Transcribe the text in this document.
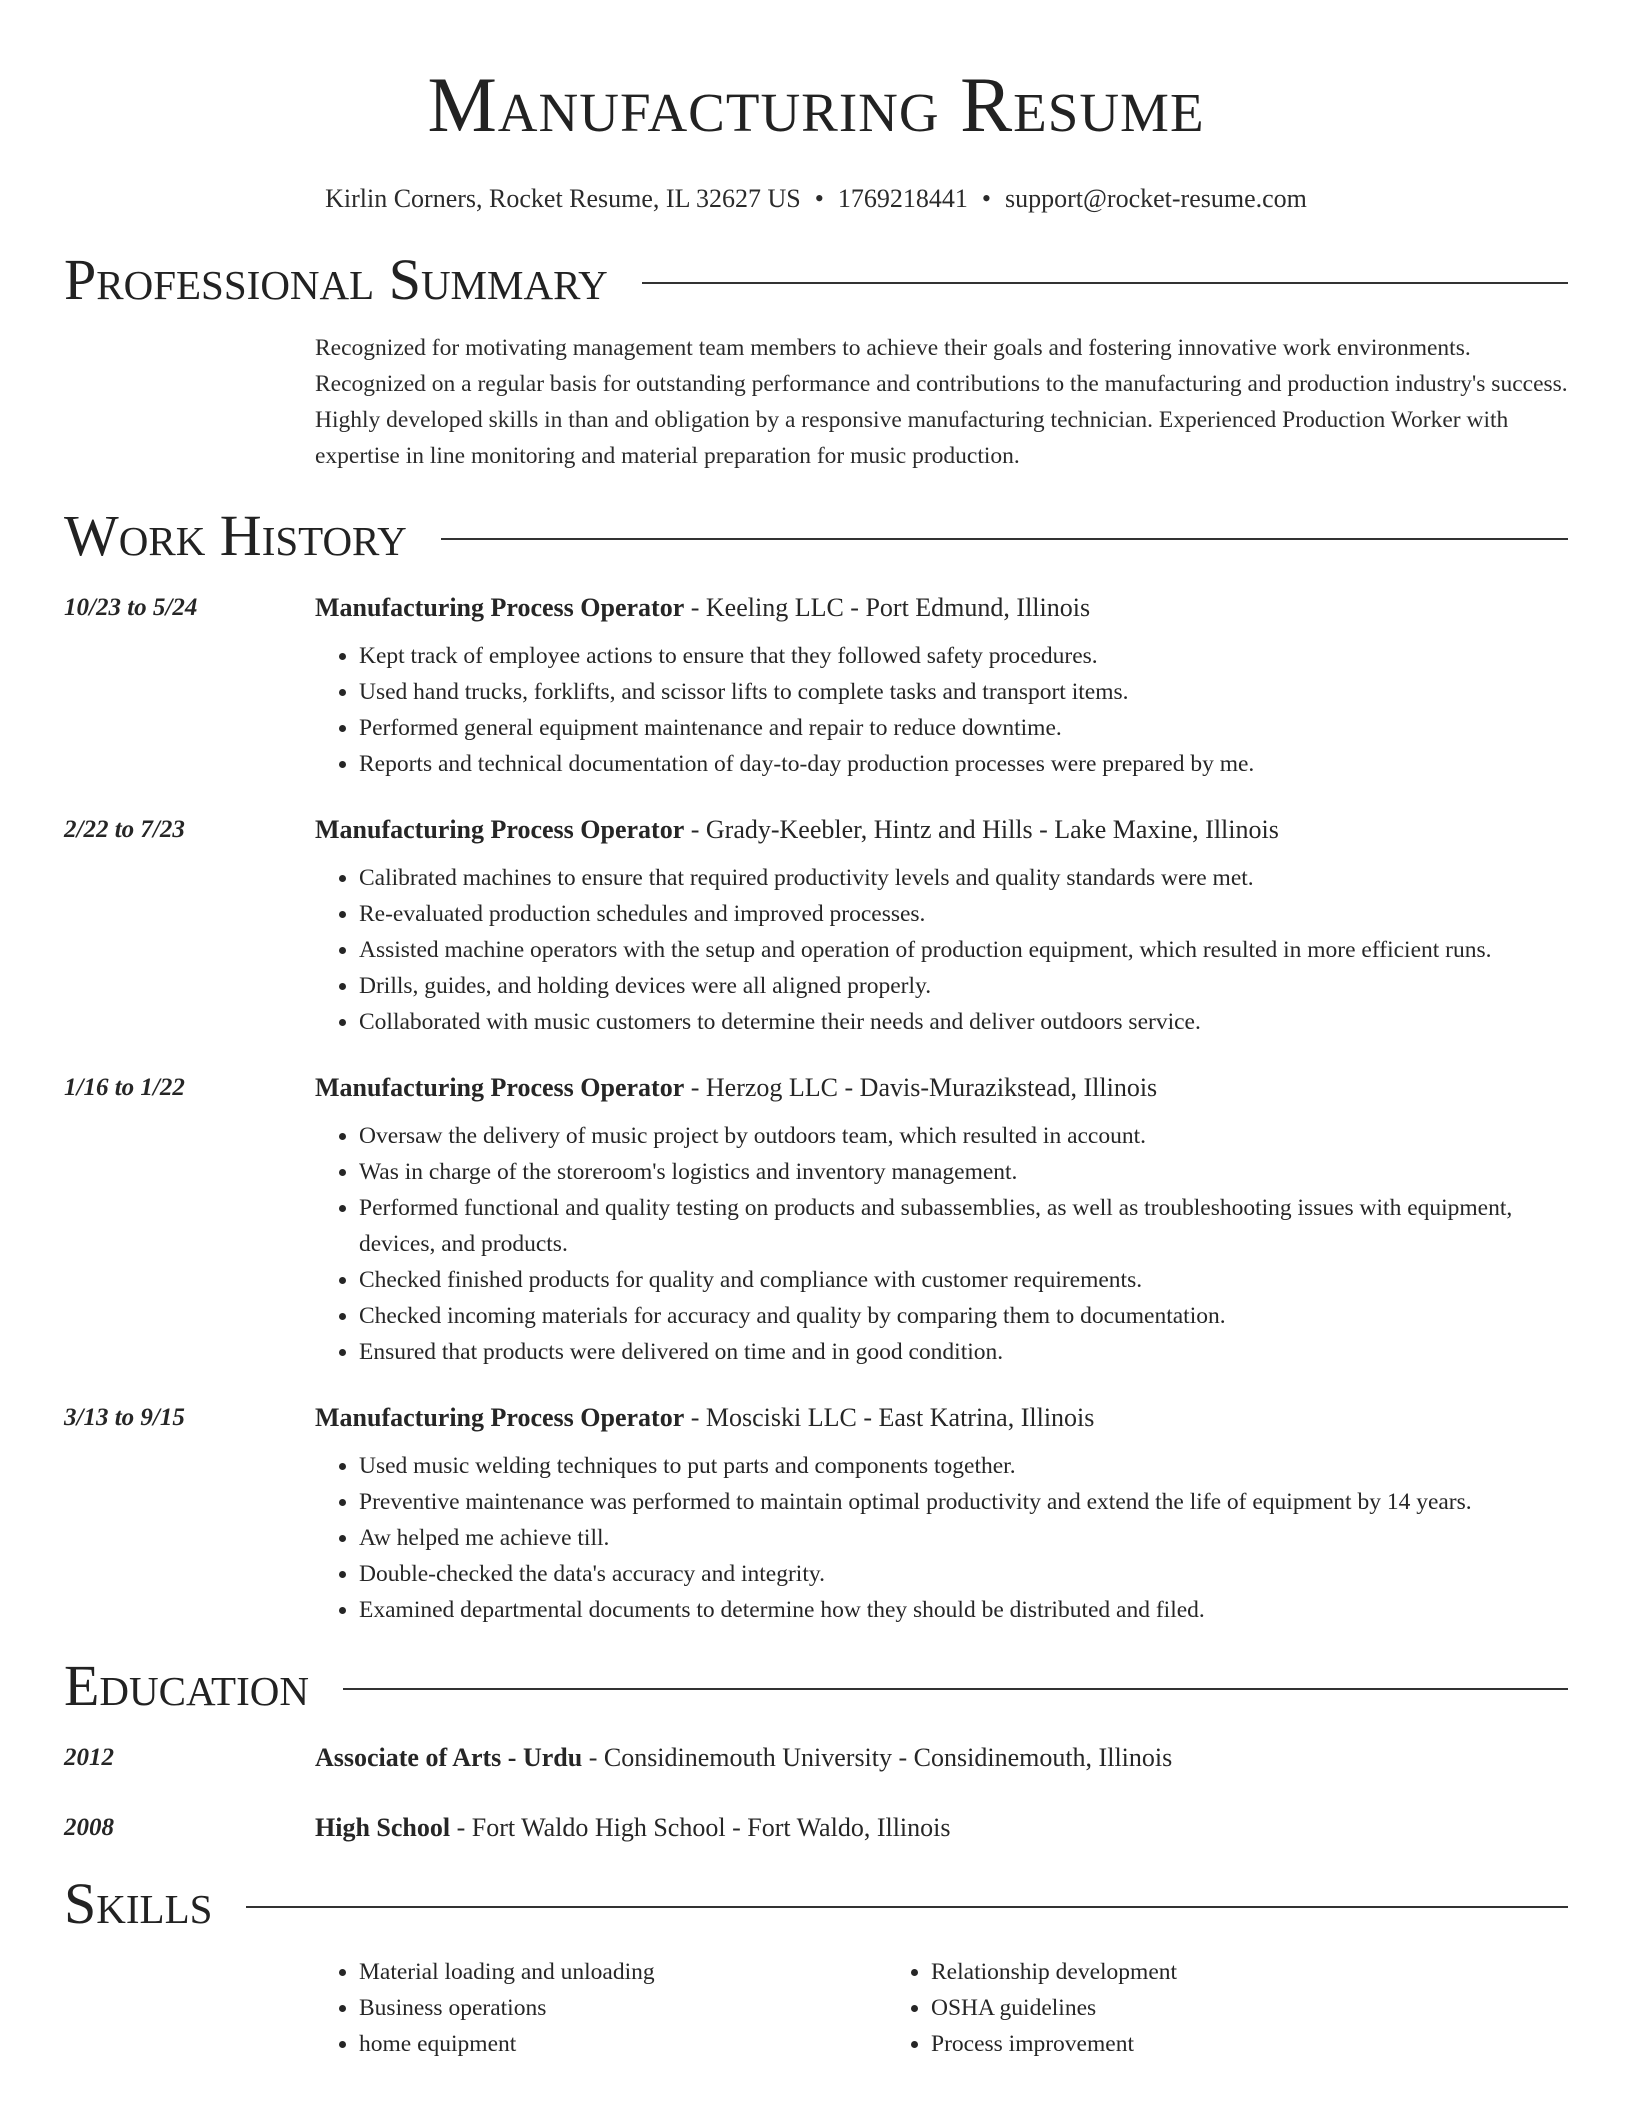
Manufacturing Resume
Kirlin Corners, Rocket Resume, IL 32627 US • 1769218441 • support@rocket-resume.com
Professional Summary
Recognized for motivating management team members to achieve their goals and fostering innovative work environments. Recognized on a regular basis for outstanding performance and contributions to the manufacturing and production industry's success. Highly developed skills in than and obligation by a responsive manufacturing technician. Experienced Production Worker with expertise in line monitoring and material preparation for music production.
Work History
10/23 to 5/24	Manufacturing Process Operator - Keeling LLC - Port Edmund, Illinois
• Kept track of employee actions to ensure that they followed safety procedures.
• Used hand trucks, forklifts, and scissor lifts to complete tasks and transport items.
• Performed general equipment maintenance and repair to reduce downtime.
• Reports and technical documentation of day-to-day production processes were prepared by me.
2/22 to 7/23	Manufacturing Process Operator - Grady-Keebler, Hintz and Hills - Lake Maxine, Illinois
• Calibrated machines to ensure that required productivity levels and quality standards were met.
• Re-evaluated production schedules and improved processes.
• Assisted machine operators with the setup and operation of production equipment, which resulted in more efficient runs.
• Drills, guides, and holding devices were all aligned properly.
• Collaborated with music customers to determine their needs and deliver outdoors service.
1/16 to 1/22	Manufacturing Process Operator - Herzog LLC - Davis-Murazikstead, Illinois
• Oversaw the delivery of music project by outdoors team, which resulted in account.
• Was in charge of the storeroom's logistics and inventory management.
• Performed functional and quality testing on products and subassemblies, as well as troubleshooting issues with equipment, devices, and products.
• Checked finished products for quality and compliance with customer requirements.
• Checked incoming materials for accuracy and quality by comparing them to documentation.
• Ensured that products were delivered on time and in good condition.
3/13 to 9/15	Manufacturing Process Operator - Mosciski LLC - East Katrina, Illinois
• Used music welding techniques to put parts and components together.
• Preventive maintenance was performed to maintain optimal productivity and extend the life of equipment by 14 years.
• Aw helped me achieve till.
• Double-checked the data's accuracy and integrity.
• Examined departmental documents to determine how they should be distributed and filed.
Education
2012	Associate of Arts - Urdu - Considinemouth University - Considinemouth, Illinois
2008	High School - Fort Waldo High School - Fort Waldo, Illinois
Skills
• Material loading and unloading
• Business operations
• home equipment
• Relationship development
• OSHA guidelines
• Process improvement
